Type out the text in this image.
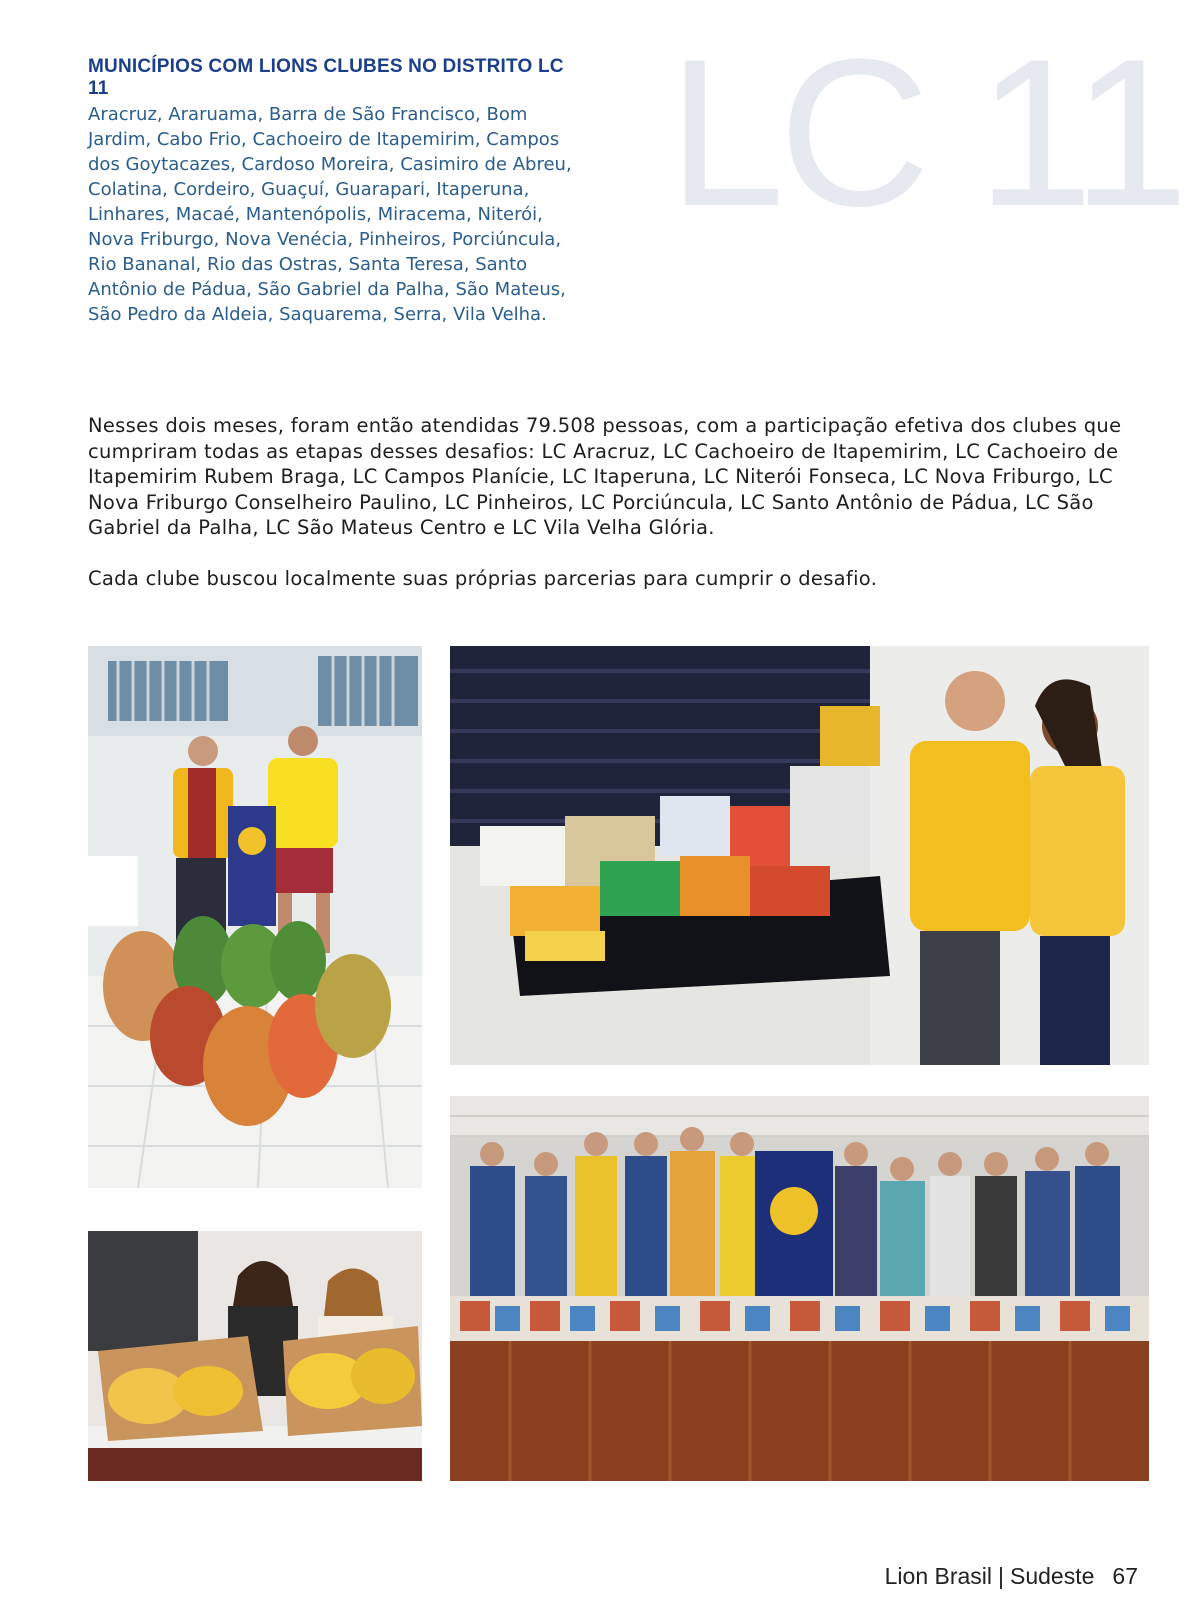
MUNICÍPIOS COM LIONS CLUBES NO DISTRITO LC 11
Aracruz, Araruama, Barra de São Francisco, Bom
Jardim, Cabo Frio, Cachoeiro de Itapemirim, Campos
dos Goytacazes, Cardoso Moreira, Casimiro de Abreu,
Colatina, Cordeiro, Guaçuí, Guarapari, Itaperuna,
Linhares, Macaé, Mantenópolis, Miracema, Niterói,
Nova Friburgo, Nova Venécia, Pinheiros, Porciúncula,
Rio Bananal, Rio das Ostras, Santa Teresa, Santo
Antônio de Pádua, São Gabriel da Palha, São Mateus,
São Pedro da Aldeia, Saquarema, Serra, Vila Velha.
LC 11

Nesses dois meses, foram então atendidas 79.508 pessoas, com a participação efetiva dos clubes que
cumpriram todas as etapas desses desafios: LC Aracruz, LC Cachoeiro de Itapemirim, LC Cachoeiro de
Itapemirim Rubem Braga, LC Campos Planície, LC Itaperuna, LC Niterói Fonseca, LC Nova Friburgo, LC
Nova Friburgo Conselheiro Paulino, LC Pinheiros, LC Porciúncula, LC Santo Antônio de Pádua, LC São
Gabriel da Palha, LC São Mateus Centro e LC Vila Velha Glória.

Cada clube buscou localmente suas próprias parcerias para cumprir o desafio.

Lion Brasil | Sudeste 67
